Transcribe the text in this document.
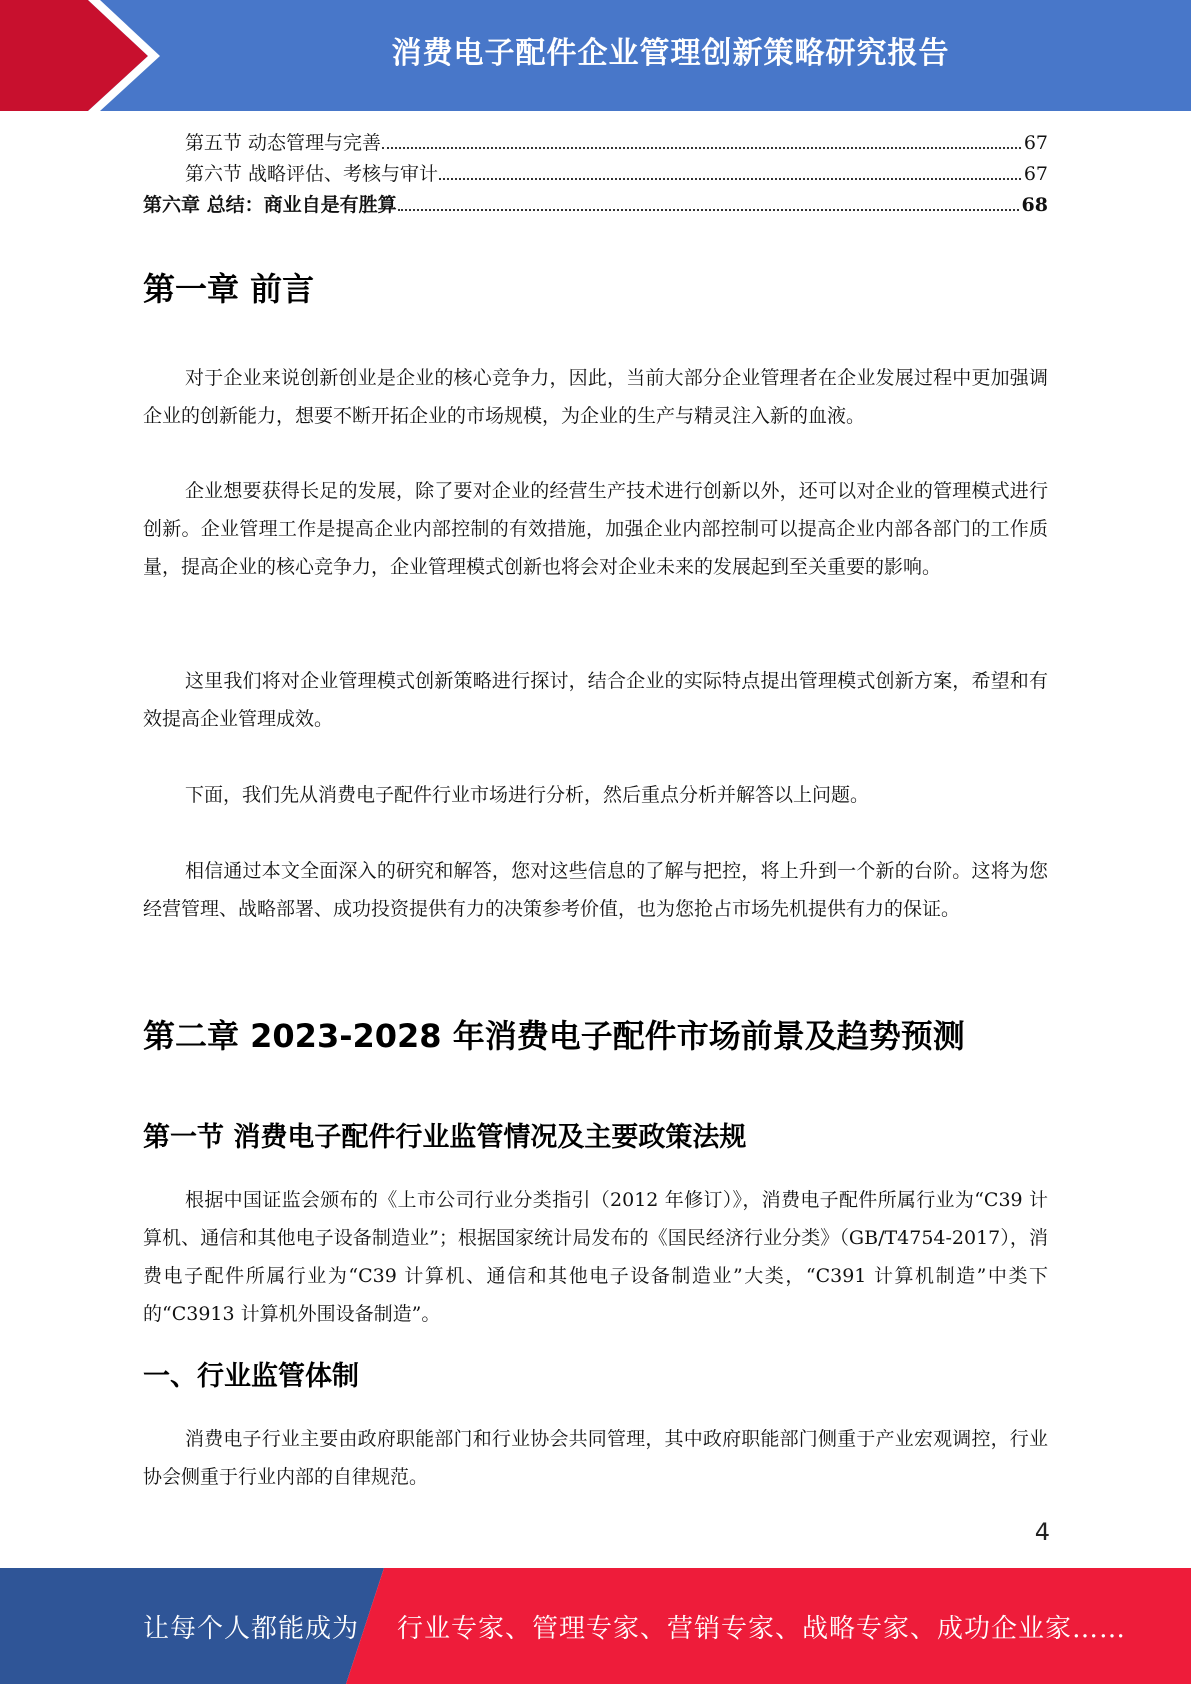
消费电子配件企业管理创新策略研究报告
第五节 动态管理与完善	67
第六节 战略评估、考核与审计	67
第六章 总结：商业自是有胜算	68
第一章 前言

对于企业来说创新创业是企业的核心竞争力，因此，当前大部分企业管理者在企业发展过程中更加强调企业的创新能力，想要不断开拓企业的市场规模，为企业的生产与精灵注入新的血液。

企业想要获得长足的发展，除了要对企业的经营生产技术进行创新以外，还可以对企业的管理模式进行创新。企业管理工作是提高企业内部控制的有效措施，加强企业内部控制可以提高企业内部各部门的工作质量，提高企业的核心竞争力，企业管理模式创新也将会对企业未来的发展起到至关重要的影响。

这里我们将对企业管理模式创新策略进行探讨，结合企业的实际特点提出管理模式创新方案，希望和有效提高企业管理成效。

下面，我们先从消费电子配件行业市场进行分析，然后重点分析并解答以上问题。

相信通过本文全面深入的研究和解答，您对这些信息的了解与把控，将上升到一个新的台阶。这将为您经营管理、战略部署、成功投资提供有力的决策参考价值，也为您抢占市场先机提供有力的保证。

第二章 2023-2028 年消费电子配件市场前景及趋势预测
第一节 消费电子配件行业监管情况及主要政策法规

根据中国证监会颁布的《上市公司行业分类指引（2012 年修订）》，消费电子配件所属行业为“C39 计算机、通信和其他电子设备制造业”；根据国家统计局发布的《国民经济行业分类》（GB/T4754-2017），消费电子配件所属行业为“C39 计算机、通信和其他电子设备制造业”大类，“C391 计算机制造”中类下的“C3913 计算机外围设备制造”。

一、行业监管体制

消费电子行业主要由政府职能部门和行业协会共同管理，其中政府职能部门侧重于产业宏观调控，行业协会侧重于行业内部的自律规范。

4
让每个人都能成为 行业专家、管理专家、营销专家、战略专家、成功企业家……
